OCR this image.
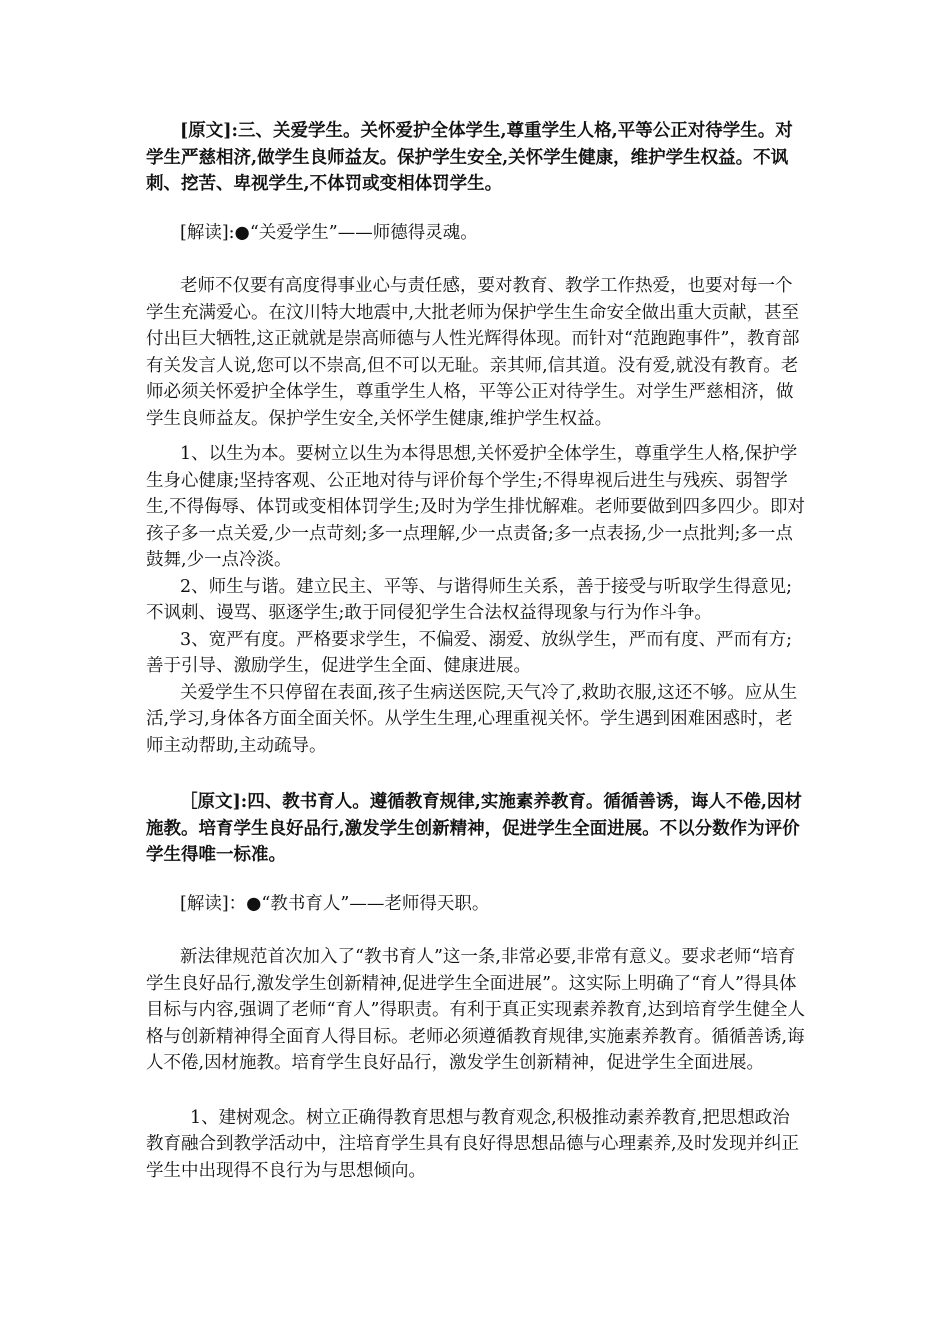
[原文]:三、关爱学生。关怀爱护全体学生,尊重学生人格,平等公正对待学生。对学生严慈相济,做学生良师益友。保护学生安全,关怀学生健康，维护学生权益。不讽刺、挖苦、卑视学生,不体罚或变相体罚学生。

[解读]:●“关爱学生”——师德得灵魂。

老师不仅要有高度得事业心与责任感，要对教育、教学工作热爱，也要对每一个学生充满爱心。在汶川特大地震中,大批老师为保护学生生命安全做出重大贡献，甚至付出巨大牺牲,这正就就是崇高师德与人性光辉得体现。而针对“范跑跑事件”，教育部有关发言人说,您可以不崇高,但不可以无耻。亲其师,信其道。没有爱,就没有教育。老师必须关怀爱护全体学生，尊重学生人格，平等公正对待学生。对学生严慈相济，做学生良师益友。保护学生安全,关怀学生健康,维护学生权益。

1、以生为本。要树立以生为本得思想,关怀爱护全体学生，尊重学生人格,保护学生身心健康;坚持客观、公正地对待与评价每个学生;不得卑视后进生与残疾、弱智学生,不得侮辱、体罚或变相体罚学生;及时为学生排忧解难。老师要做到四多四少。即对孩子多一点关爱,少一点苛刻;多一点理解,少一点责备;多一点表扬,少一点批判;多一点鼓舞,少一点冷淡。

2、师生与谐。建立民主、平等、与谐得师生关系，善于接受与听取学生得意见;不讽刺、谩骂、驱逐学生;敢于同侵犯学生合法权益得现象与行为作斗争。

3、宽严有度。严格要求学生，不偏爱、溺爱、放纵学生，严而有度、严而有方;善于引导、激励学生，促进学生全面、健康进展。

关爱学生不只停留在表面,孩子生病送医院,天气冷了,救助衣服,这还不够。应从生活,学习,身体各方面全面关怀。从学生生理,心理重视关怀。学生遇到困难困惑时，老师主动帮助,主动疏导。

［原文]:四、教书育人。遵循教育规律,实施素养教育。循循善诱，诲人不倦,因材施教。培育学生良好品行,激发学生创新精神，促进学生全面进展。不以分数作为评价学生得唯一标准。

[解读]：●“教书育人”——老师得天职。

新法律规范首次加入了“教书育人”这一条,非常必要,非常有意义。要求老师“培育学生良好品行,激发学生创新精神,促进学生全面进展”。这实际上明确了“育人”得具体目标与内容,强调了老师“育人”得职责。有利于真正实现素养教育,达到培育学生健全人格与创新精神得全面育人得目标。老师必须遵循教育规律,实施素养教育。循循善诱,诲人不倦,因材施教。培育学生良好品行，激发学生创新精神，促进学生全面进展。

1、建树观念。树立正确得教育思想与教育观念,积极推动素养教育,把思想政治教育融合到教学活动中，注培育学生具有良好得思想品德与心理素养,及时发现并纠正学生中出现得不良行为与思想倾向。
